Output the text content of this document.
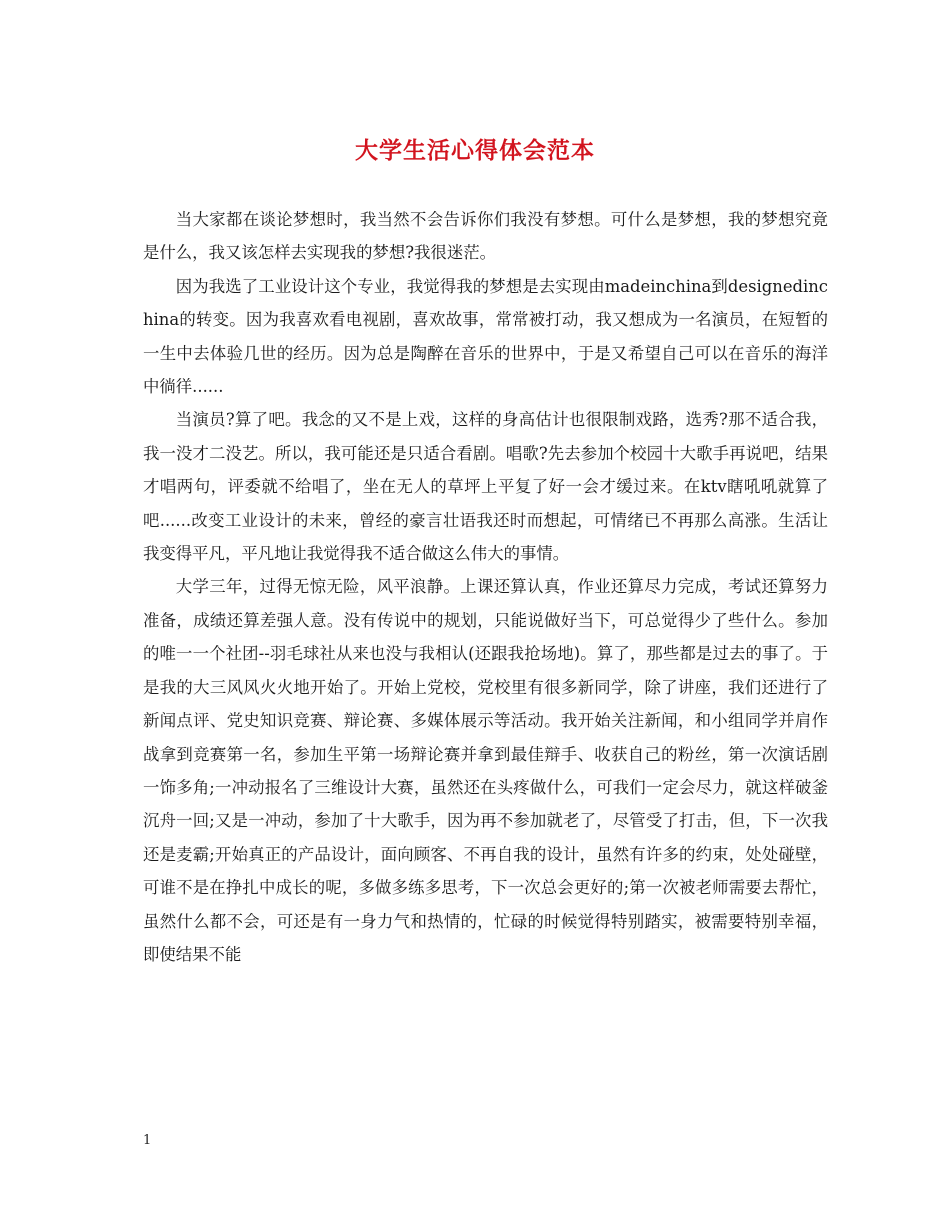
大学生活心得体会范本

当大家都在谈论梦想时，我当然不会告诉你们我没有梦想。可什么是梦想，我的梦想究竟是什么，我又该怎样去实现我的梦想?我很迷茫。

因为我选了工业设计这个专业，我觉得我的梦想是去实现由madeinchina到designedinchina的转变。因为我喜欢看电视剧，喜欢故事，常常被打动，我又想成为一名演员，在短暂的一生中去体验几世的经历。因为总是陶醉在音乐的世界中，于是又希望自己可以在音乐的海洋中徜徉......

当演员?算了吧。我念的又不是上戏，这样的身高估计也很限制戏路，选秀?那不适合我，我一没才二没艺。所以，我可能还是只适合看剧。唱歌?先去参加个校园十大歌手再说吧，结果才唱两句，评委就不给唱了，坐在无人的草坪上平复了好一会才缓过来。在ktv瞎吼吼就算了吧......改变工业设计的未来，曾经的豪言壮语我还时而想起，可情绪已不再那么高涨。生活让我变得平凡，平凡地让我觉得我不适合做这么伟大的事情。

大学三年，过得无惊无险，风平浪静。上课还算认真，作业还算尽力完成，考试还算努力准备，成绩还算差强人意。没有传说中的规划，只能说做好当下，可总觉得少了些什么。参加的唯一一个社团--羽毛球社从来也没与我相认(还跟我抢场地)。算了，那些都是过去的事了。于是我的大三风风火火地开始了。开始上党校，党校里有很多新同学，除了讲座，我们还进行了新闻点评、党史知识竞赛、辩论赛、多媒体展示等活动。我开始关注新闻，和小组同学并肩作战拿到竞赛第一名，参加生平第一场辩论赛并拿到最佳辩手、收获自己的粉丝，第一次演话剧一饰多角;一冲动报名了三维设计大赛，虽然还在头疼做什么，可我们一定会尽力，就这样破釜沉舟一回;又是一冲动，参加了十大歌手，因为再不参加就老了，尽管受了打击，但，下一次我还是麦霸;开始真正的产品设计，面向顾客、不再自我的设计，虽然有许多的约束，处处碰壁，可谁不是在挣扎中成长的呢，多做多练多思考，下一次总会更好的;第一次被老师需要去帮忙，虽然什么都不会，可还是有一身力气和热情的，忙碌的时候觉得特别踏实，被需要特别幸福，即使结果不能

1
